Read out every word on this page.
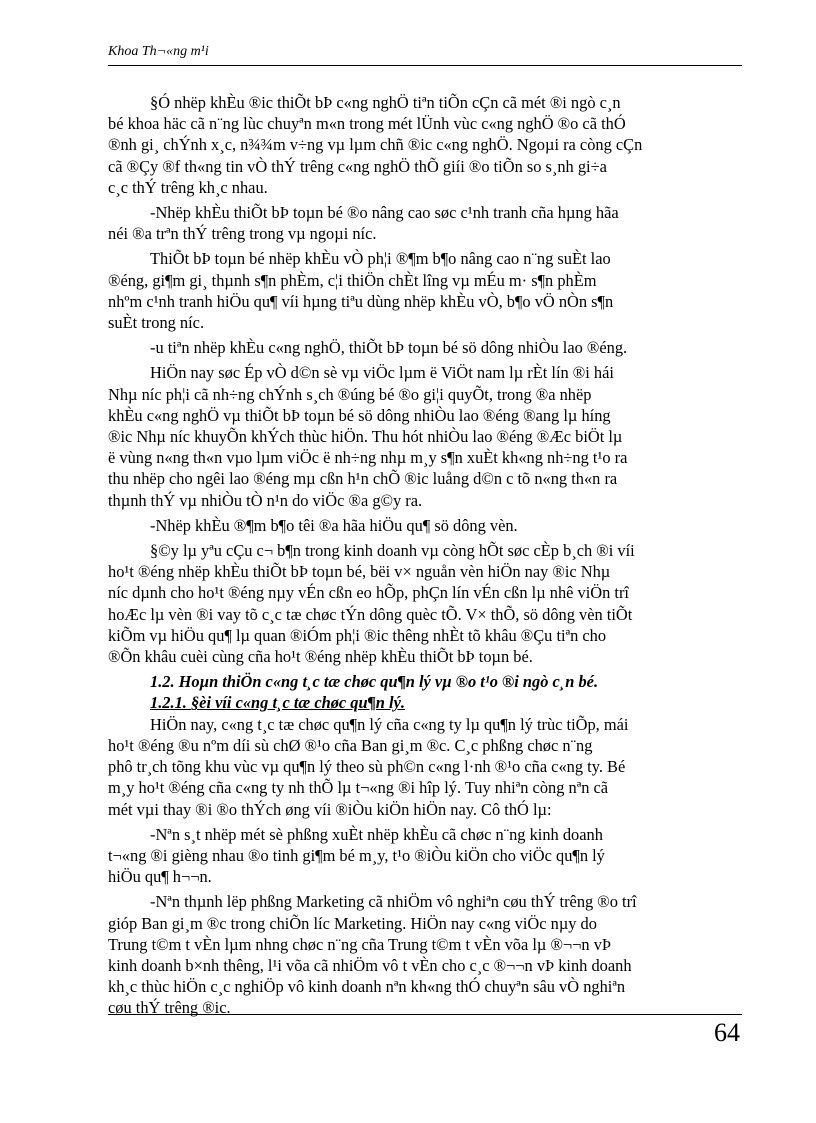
Khoa Th¬«ng m¹i
§Ó nhëp khÈu ®ic thiÕt bÞ c«ng nghÖ tiªn tiÕn cÇn cã mét ®i ngò c¸n
bé khoa häc cã n¨ng lùc chuyªn m«n trong mét lÜnh vùc c«ng nghÖ ®o cã thÓ
®nh gi¸ chÝnh x¸c, n¾¾m v÷ng vµ lµm chñ ®ic c«ng nghÖ. Ngoµi ra còng cÇn
cã ®Çy ®f th«ng tin vÒ thÝ trêng c«ng nghÖ thÕ giíi ®o tiÕn so s¸nh gi÷a
c¸c thÝ trêng kh¸c nhau.
-Nhëp khÈu thiÕt bÞ toµn bé ®o nâng cao søc c¹nh tranh cña hµng hãa
néi ®a trªn thÝ trêng trong vµ ngoµi níc.
ThiÕt bÞ toµn bé nhëp khÈu vÒ ph¦i ®¶m b¶o nâng cao n¨ng suÈt lao
®éng, gi¶m gi¸ thµnh s¶n phÈm, c¦i thiÖn chÈt lîng vµ mÉu m· s¶n phÈm
nhºm c¹nh tranh hiÖu qu¶ víi hµng tiªu dùng nhëp khÈu vÒ, b¶o vÖ nÒn s¶n
suÈt trong níc.
-u tiªn nhëp khÈu c«ng nghÖ, thiÕt bÞ toµn bé sö dông nhiÒu lao ®éng.
HiÖn nay søc Ép vÒ d©n sè vµ viÖc lµm ë ViÖt nam lµ rÈt lín ®i hái
Nhµ níc ph¦i cã nh÷ng chÝnh s¸ch ®úng bé ®o gi¦i quyÕt, trong ®a nhëp
khÈu c«ng nghÖ vµ thiÕt bÞ toµn bé sö dông nhiÒu lao ®éng ®ang lµ híng
®ic Nhµ níc khuyÕn khÝch thùc hiÖn. Thu hót nhiÒu lao ®éng ®Æc biÖt lµ
ë vùng n«ng th«n vµo lµm viÖc ë nh÷ng nhµ m¸y s¶n xuÈt kh«ng nh÷ng t¹o ra
thu nhëp cho ngêi lao ®éng mµ cßn h¹n chÕ ®ic luång d©n c tõ n«ng th«n ra
thµnh thÝ vµ nhiÒu tÒ n¹n do viÖc ®a g©y ra.
-Nhëp khÈu ®¶m b¶o têi ®a hãa hiÖu qu¶ sö dông vèn.
§©y lµ yªu cÇu c¬ b¶n trong kinh doanh vµ còng hÕt søc cÈp b¸ch ®i víi
ho¹t ®éng nhëp khÈu thiÕt bÞ toµn bé, bëi v× nguån vèn hiÖn nay ®ic Nhµ
níc dµnh cho ho¹t ®éng nµy vÉn cßn eo hÕp, phÇn lín vÉn cßn lµ nhê viÖn trî
hoÆc lµ vèn ®i vay tõ c¸c tæ chøc tÝn dông quèc tÕ. V× thÕ, sö dông vèn tiÕt
kiÕm vµ hiÖu qu¶ lµ quan ®iÓm ph¦i ®ic thêng nhÈt tõ khâu ®Çu tiªn cho
®Õn khâu cuèi cùng cña ho¹t ®éng nhëp khÈu thiÕt bÞ toµn bé.
1.2. Hoµn thiÖn c«ng t¸c tæ chøc qu¶n lý vµ ®o t¹o ®i ngò c¸n bé.
1.2.1. §èi víi c«ng t¸c tæ chøc qu¶n lý.
HiÖn nay, c«ng t¸c tæ chøc qu¶n lý cña c«ng ty lµ qu¶n lý trùc tiÕp, mái
ho¹t ®éng ®u nºm díi sù chØ ®¹o cña Ban gi¸m ®c. C¸c phßng chøc n¨ng
phô tr¸ch tõng khu vùc vµ qu¶n lý theo sù ph©n c«ng l·nh ®¹o cña c«ng ty. Bé
m¸y ho¹t ®éng cña c«ng ty nh thÕ lµ t¬«ng ®i hîp lý. Tuy nhiªn còng nªn cã
mét vµi thay ®i ®o thÝch øng víi ®iÒu kiÖn hiÖn nay. Cô thÓ lµ:
-Nªn s¸t nhëp mét sè phßng xuÈt nhëp khÈu cã chøc n¨ng kinh doanh
t¬«ng ®i gièng nhau ®o tinh gi¶m bé m¸y, t¹o ®iÒu kiÖn cho viÖc qu¶n lý
hiÖu qu¶ h¬¬n.
-Nªn thµnh lëp phßng Marketing cã nhiÖm vô nghiªn cøu thÝ trêng ®o trî
gióp Ban gi¸m ®c trong chiÕn líc Marketing. HiÖn nay c«ng viÖc nµy do
Trung t©m t vÈn lµm nhng chøc n¨ng cña Trung t©m t vÈn võa lµ ®¬¬n vÞ
kinh doanh b×nh thêng, l¹i võa cã nhiÖm vô t vÈn cho c¸c ®¬¬n vÞ kinh doanh
kh¸c thùc hiÖn c¸c nghiÖp vô kinh doanh nªn kh«ng thÓ chuyªn sâu vÒ nghiªn
cøu thÝ trêng ®ic.
64
